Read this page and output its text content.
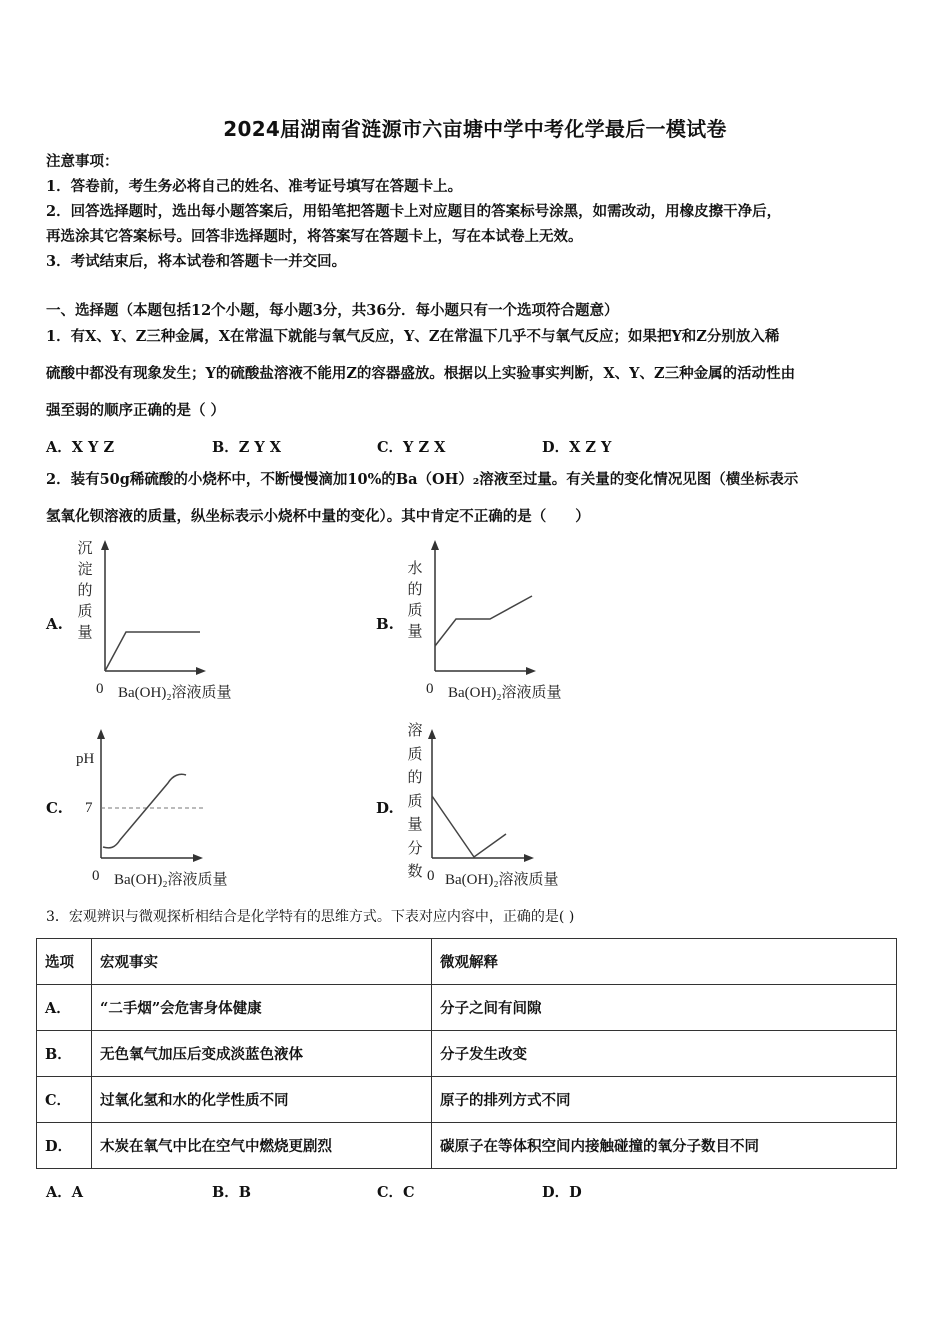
2024届湖南省涟源市六亩塘中学中考化学最后一模试卷
注意事项：
1．答卷前，考生务必将自己的姓名、准考证号填写在答题卡上。
2．回答选择题时，选出每小题答案后，用铅笔把答题卡上对应题目的答案标号涂黑，如需改动，用橡皮擦干净后，
再选涂其它答案标号。回答非选择题时，将答案写在答题卡上，写在本试卷上无效。
3．考试结束后，将本试卷和答题卡一并交回。
一、选择题（本题包括12个小题，每小题3分，共36分．每小题只有一个选项符合题意）
1．有X、Y、Z三种金属，X在常温下就能与氧气反应，Y、Z在常温下几乎不与氧气反应；如果把Y和Z分别放入稀
硫酸中都没有现象发生；Y的硫酸盐溶液不能用Z的容器盛放。根据以上实验事实判断，X、Y、Z三种金属的活动性由
强至弱的顺序正确的是（ ）
A．X Y Z	B．Z Y X	C．Y Z X	D．X Z Y
2．装有50g稀硫酸的小烧杯中，不断慢慢滴加10%的Ba（OH）₂溶液至过量。有关量的变化情况见图（横坐标表示
氢氧化钡溶液的质量，纵坐标表示小烧杯中量的变化）。其中肯定不正确的是（　　）
A.
沉
淀
的
质
量
0 Ba(OH)₂溶液质量
B.
水
的
质
量
0 Ba(OH)₂溶液质量
C.
pH
7
0 Ba(OH)₂溶液质量
D.
溶
质
的
质
量
分
数 0 Ba(OH)₂溶液质量
3．宏观辨识与微观探析相结合是化学特有的思维方式。下表对应内容中，正确的是( )
选项	宏观事实	微观解释
A．	“二手烟”会危害身体健康	分子之间有间隙
B．	无色氧气加压后变成淡蓝色液体	分子发生改变
C．	过氧化氢和水的化学性质不同	原子的排列方式不同
D．	木炭在氧气中比在空气中燃烧更剧烈	碳原子在等体积空间内接触碰撞的氧分子数目不同
A．A	B．B	C．C	D．D
